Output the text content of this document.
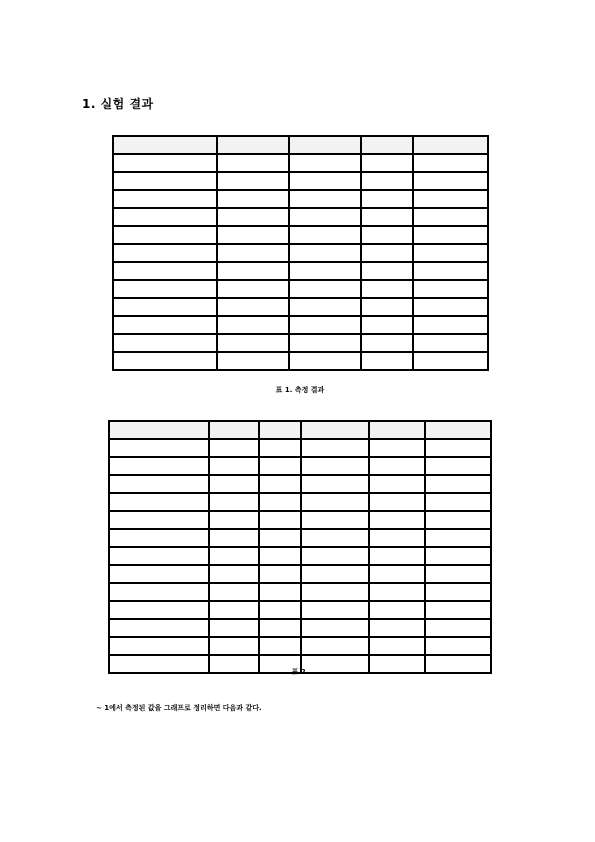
1. 실험 결과

표 1. 측정 결과

표 2.
~ 1에서 측정된 값을 그래프로 정리하면 다음과 같다.
